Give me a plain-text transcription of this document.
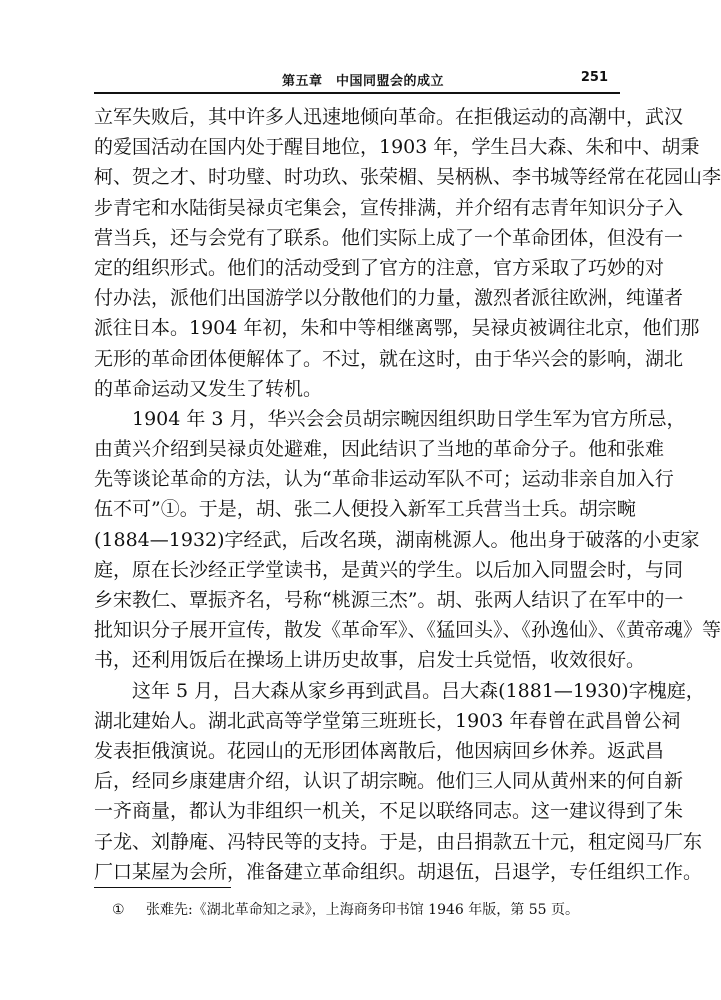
第五章　中国同盟会的成立	251
立军失败后，其中许多人迅速地倾向革命。在拒俄运动的高潮中，武汉
的爱国活动在国内处于醒目地位，1903 年，学生吕大森、朱和中、胡秉
柯、贺之才、时功璧、时功玖、张荣楣、吴柄枞、李书城等经常在花园山李
步青宅和水陆街吴禄贞宅集会，宣传排满，并介绍有志青年知识分子入
营当兵，还与会党有了联系。他们实际上成了一个革命团体，但没有一
定的组织形式。他们的活动受到了官方的注意，官方采取了巧妙的对
付办法，派他们出国游学以分散他们的力量，激烈者派往欧洲，纯谨者
派往日本。1904 年初，朱和中等相继离鄂，吴禄贞被调往北京，他们那
无形的革命团体便解体了。不过，就在这时，由于华兴会的影响，湖北
的革命运动又发生了转机。
1904 年 3 月，华兴会会员胡宗畹因组织助日学生军为官方所忌，
由黄兴介绍到吴禄贞处避难，因此结识了当地的革命分子。他和张难
先等谈论革命的方法，认为“革命非运动军队不可；运动非亲自加入行
伍不可”①。于是，胡、张二人便投入新军工兵营当士兵。胡宗畹
(1884—1932)字经武，后改名瑛，湖南桃源人。他出身于破落的小吏家
庭，原在长沙经正学堂读书，是黄兴的学生。以后加入同盟会时，与同
乡宋教仁、覃振齐名，号称“桃源三杰”。胡、张两人结识了在军中的一
批知识分子展开宣传，散发《革命军》、《猛回头》、《孙逸仙》、《黄帝魂》等
书，还利用饭后在操场上讲历史故事，启发士兵觉悟，收效很好。
这年 5 月，吕大森从家乡再到武昌。吕大森(1881—1930)字槐庭，
湖北建始人。湖北武高等学堂第三班班长，1903 年春曾在武昌曾公祠
发表拒俄演说。花园山的无形团体离散后，他因病回乡休养。返武昌
后，经同乡康建唐介绍，认识了胡宗畹。他们三人同从黄州来的何自新
一齐商量，都认为非组织一机关，不足以联络同志。这一建议得到了朱
子龙、刘静庵、冯特民等的支持。于是，由吕捐款五十元，租定阅马厂东
厂口某屋为会所，准备建立革命组织。胡退伍，吕退学，专任组织工作。
① 张难先:《湖北革命知之录》，上海商务印书馆 1946 年版，第 55 页。
